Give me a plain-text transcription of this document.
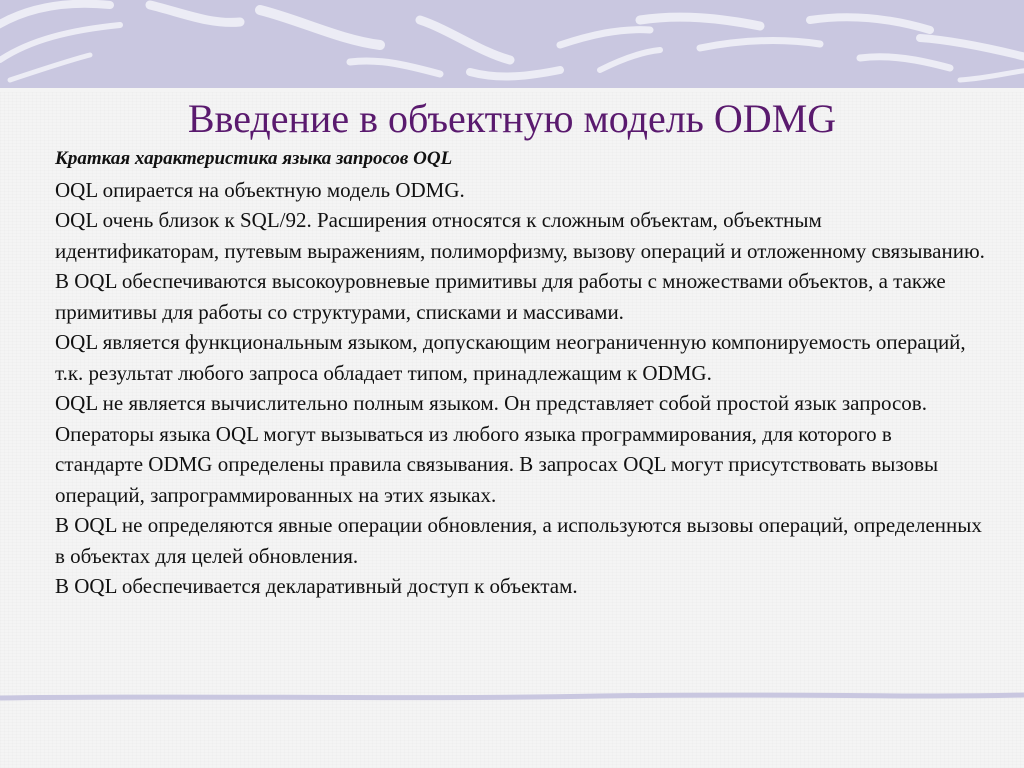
Введение в объектную модель ODMG

Краткая характеристика языка запросов OQL

OQL опирается на объектную модель ODMG.

OQL очень близок к SQL/92. Расширения относятся к сложным объектам, объектным идентификаторам, путевым выражениям, полиморфизму, вызову операций и отложенному связыванию.

В OQL обеспечиваются высокоуровневые примитивы для работы с множествами объектов, а также примитивы для работы со структурами, списками и массивами.

OQL является функциональным языком, допускающим неограниченную компонируемость операций, т.к. результат любого запроса обладает типом, принадлежащим к ODMG.

OQL не является вычислительно полным языком. Он представляет собой простой язык запросов.

Операторы языка OQL могут вызываться из любого языка программирования, для которого в стандарте ODMG определены правила связывания. В запросах OQL могут присутствовать вызовы операций, запрограммированных на этих языках.

В OQL не определяются явные операции обновления, а используются вызовы операций, определенных в объектах для целей обновления.

В OQL обеспечивается декларативный доступ к объектам.
